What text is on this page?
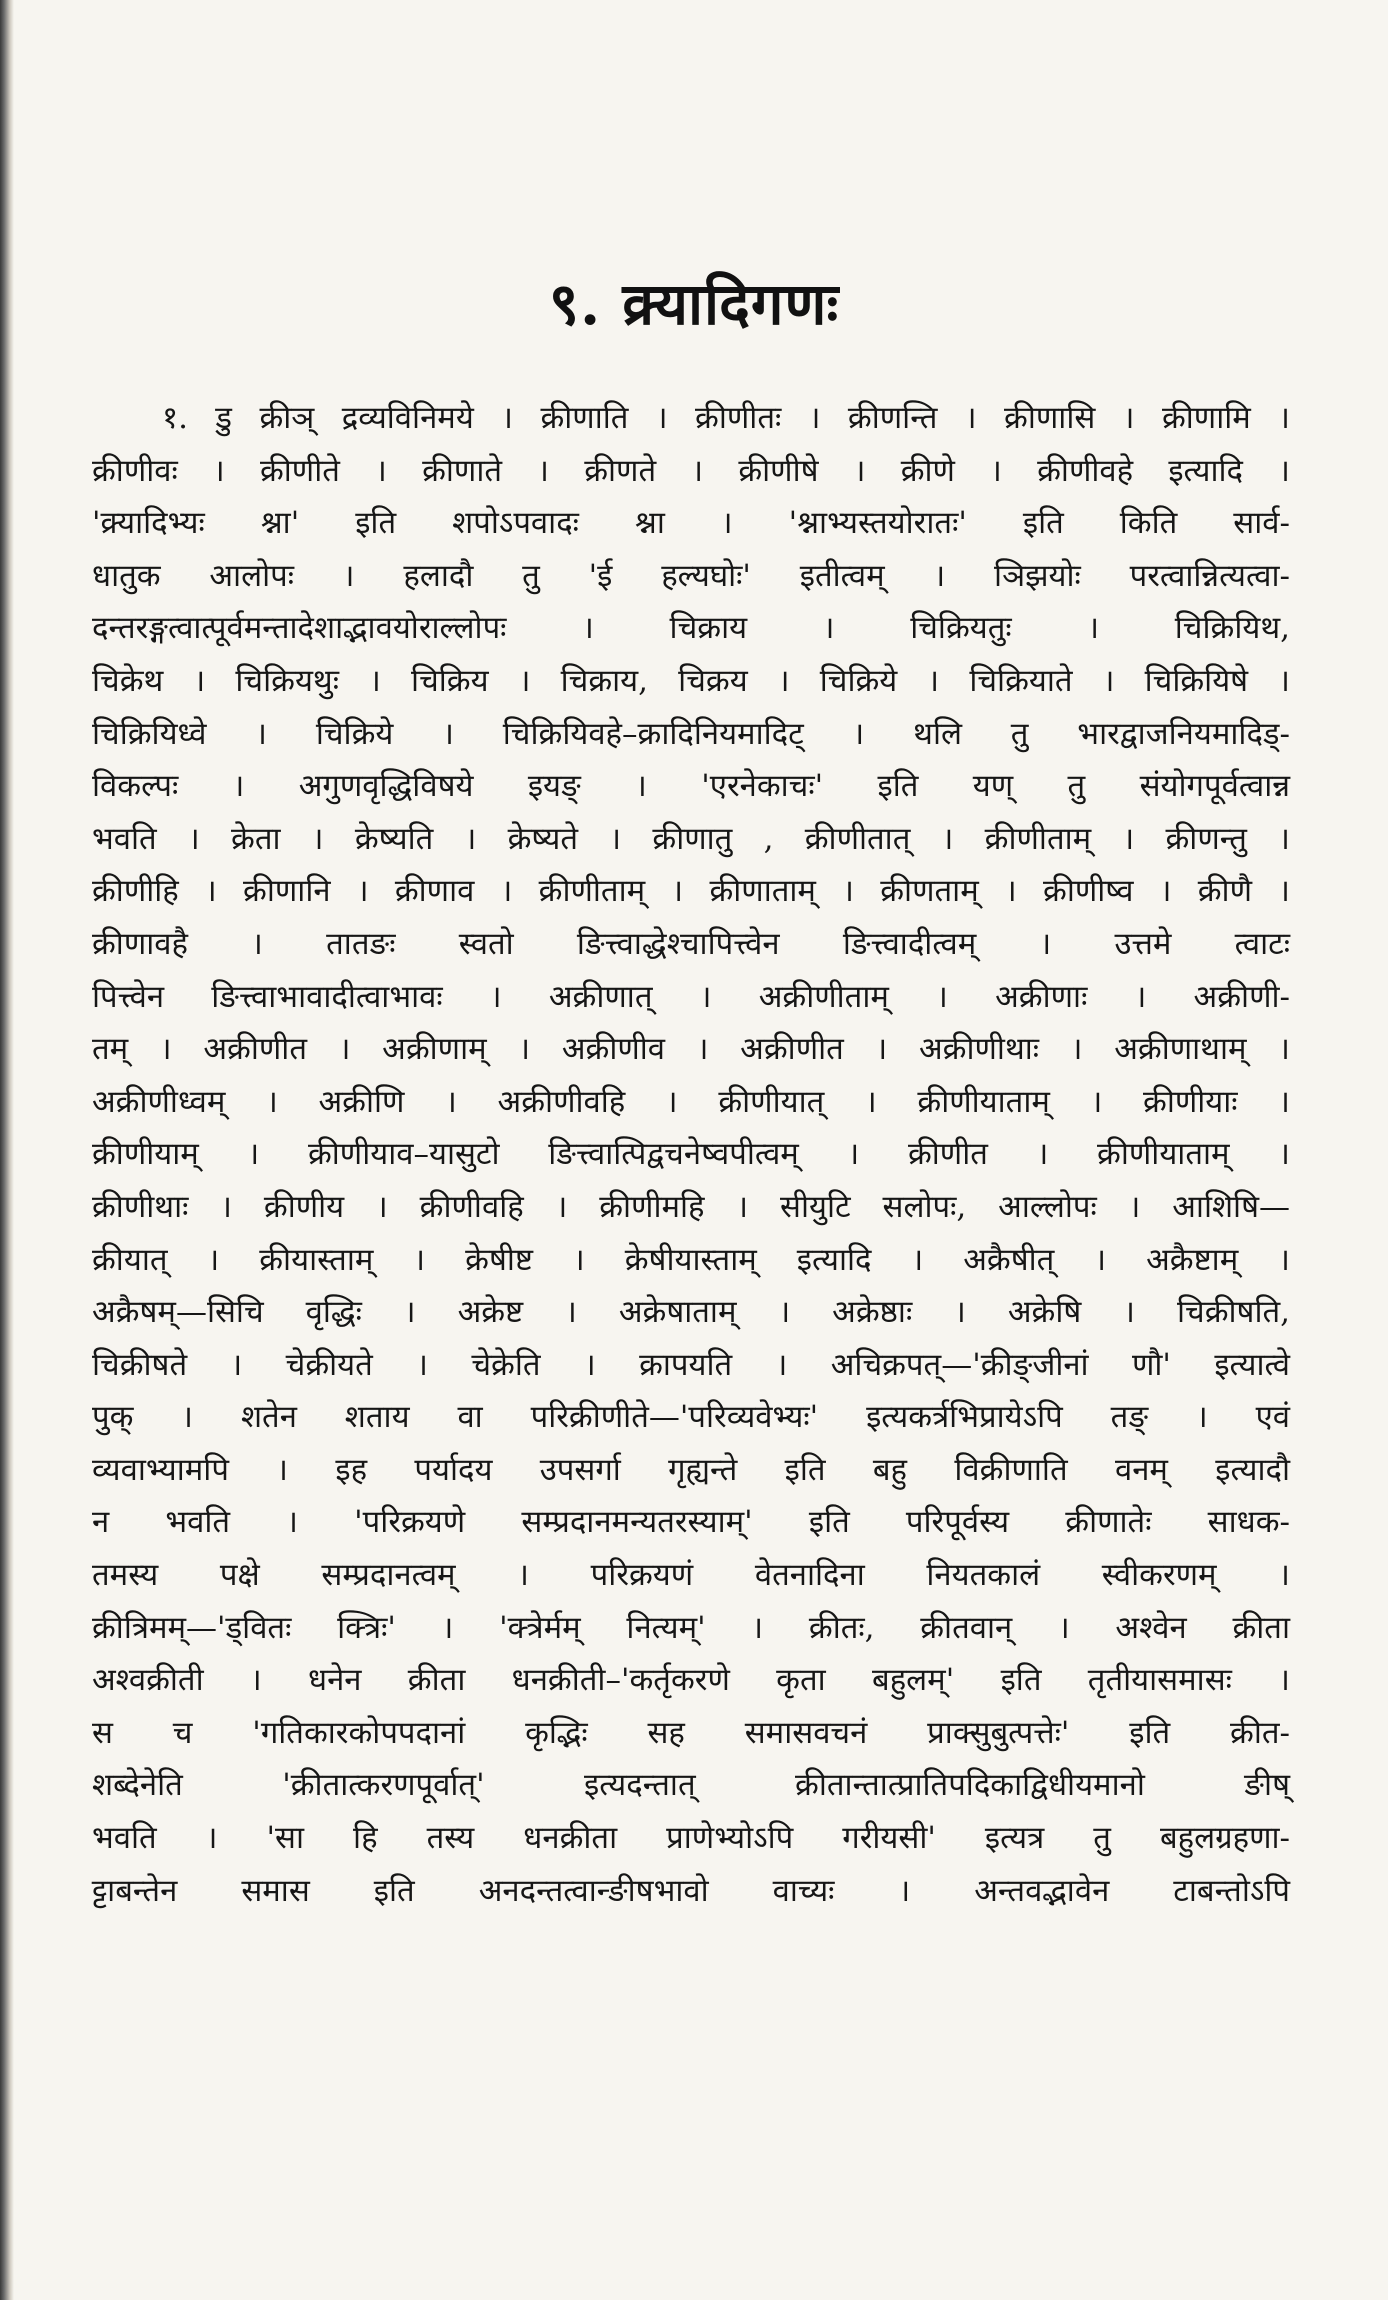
९. क्र्यादिगणः
१. डु क्रीञ् द्रव्यविनिमये । क्रीणाति । क्रीणीतः । क्रीणन्ति । क्रीणासि । क्रीणामि ।
क्रीणीवः । क्रीणीते । क्रीणाते । क्रीणते । क्रीणीषे । क्रीणे । क्रीणीवहे इत्यादि ।
'क्र्यादिभ्यः श्ना' इति शपोऽपवादः श्ना । 'श्नाभ्यस्तयोरातः' इति किति सार्व-
धातुक आलोपः । हलादौ तु 'ई हल्यघोः' इतीत्वम् । ञिझयोः परत्वान्नित्यत्वा-
दन्तरङ्गत्वात्पूर्वमन्तादेशाद्भावयोराल्लोपः । चिक्राय । चिक्रियतुः । चिक्रियिथ,
चिक्रेथ । चिक्रियथुः । चिक्रिय । चिक्राय, चिक्रय । चिक्रिये । चिक्रियाते । चिक्रियिषे ।
चिक्रियिध्वे । चिक्रिये । चिक्रियिवहे–क्रादिनियमादिट् । थलि तु भारद्वाजनियमादिड्-
विकल्पः । अगुणवृद्धिविषये इयङ् । 'एरनेकाचः' इति यण् तु संयोगपूर्वत्वान्न
भवति । क्रेता । क्रेष्यति । क्रेष्यते । क्रीणातु , क्रीणीतात् । क्रीणीताम् । क्रीणन्तु ।
क्रीणीहि । क्रीणानि । क्रीणाव । क्रीणीताम् । क्रीणाताम् । क्रीणताम् । क्रीणीष्व । क्रीणै ।
क्रीणावहै । तातङः स्वतो ङित्त्वाद्धेश्चापित्त्वेन ङित्त्वादीत्वम् । उत्तमे त्वाटः
पित्त्वेन ङित्त्वाभावादीत्वाभावः । अक्रीणात् । अक्रीणीताम् । अक्रीणाः । अक्रीणी-
तम् । अक्रीणीत । अक्रीणाम् । अक्रीणीव । अक्रीणीत । अक्रीणीथाः । अक्रीणाथाम् ।
अक्रीणीध्वम् । अक्रीणि । अक्रीणीवहि । क्रीणीयात् । क्रीणीयाताम् । क्रीणीयाः ।
क्रीणीयाम् । क्रीणीयाव–यासुटो ङित्त्वात्पिद्वचनेष्वपीत्वम् । क्रीणीत । क्रीणीयाताम् ।
क्रीणीथाः । क्रीणीय । क्रीणीवहि । क्रीणीमहि । सीयुटि सलोपः, आल्लोपः । आशिषि—
क्रीयात् । क्रीयास्ताम् । क्रेषीष्ट । क्रेषीयास्ताम् इत्यादि । अक्रैषीत् । अक्रैष्टाम् ।
अक्रैषम्—सिचि वृद्धिः । अक्रेष्ट । अक्रेषाताम् । अक्रेष्ठाः । अक्रेषि । चिक्रीषति,
चिक्रीषते । चेक्रीयते । चेक्रेति । क्रापयति । अचिक्रपत्—'क्रीङ्जीनां णौ' इत्यात्वे
पुक् । शतेन शताय वा परिक्रीणीते—'परिव्यवेभ्यः' इत्यकर्त्रभिप्रायेऽपि तङ् । एवं
व्यवाभ्यामपि । इह पर्यादय उपसर्गा गृह्यन्ते इति बहु विक्रीणाति वनम् इत्यादौ
न भवति । 'परिक्रयणे सम्प्रदानमन्यतरस्याम्' इति परिपूर्वस्य क्रीणातेः साधक-
तमस्य पक्षे सम्प्रदानत्वम् । परिक्रयणं वेतनादिना नियतकालं स्वीकरणम् ।
क्रीत्रिमम्—'ड्वितः क्त्रिः' । 'क्त्रेर्मम् नित्यम्' । क्रीतः, क्रीतवान् । अश्वेन क्रीता
अश्वक्रीती । धनेन क्रीता धनक्रीती–'कर्तृकरणे कृता बहुलम्' इति तृतीयासमासः ।
स च 'गतिकारकोपपदानां कृद्भिः सह समासवचनं प्राक्सुबुत्पत्तेः' इति क्रीत-
शब्देनेति 'क्रीतात्करणपूर्वात्' इत्यदन्तात् क्रीतान्तात्प्रातिपदिकाद्विधीयमानो ङीष्
भवति । 'सा हि तस्य धनक्रीता प्राणेभ्योऽपि गरीयसी' इत्यत्र तु बहुलग्रहणा-
ट्टाबन्तेन समास इति अनदन्तत्वान्ङीषभावो वाच्यः । अन्तवद्भावेन टाबन्तोऽपि
